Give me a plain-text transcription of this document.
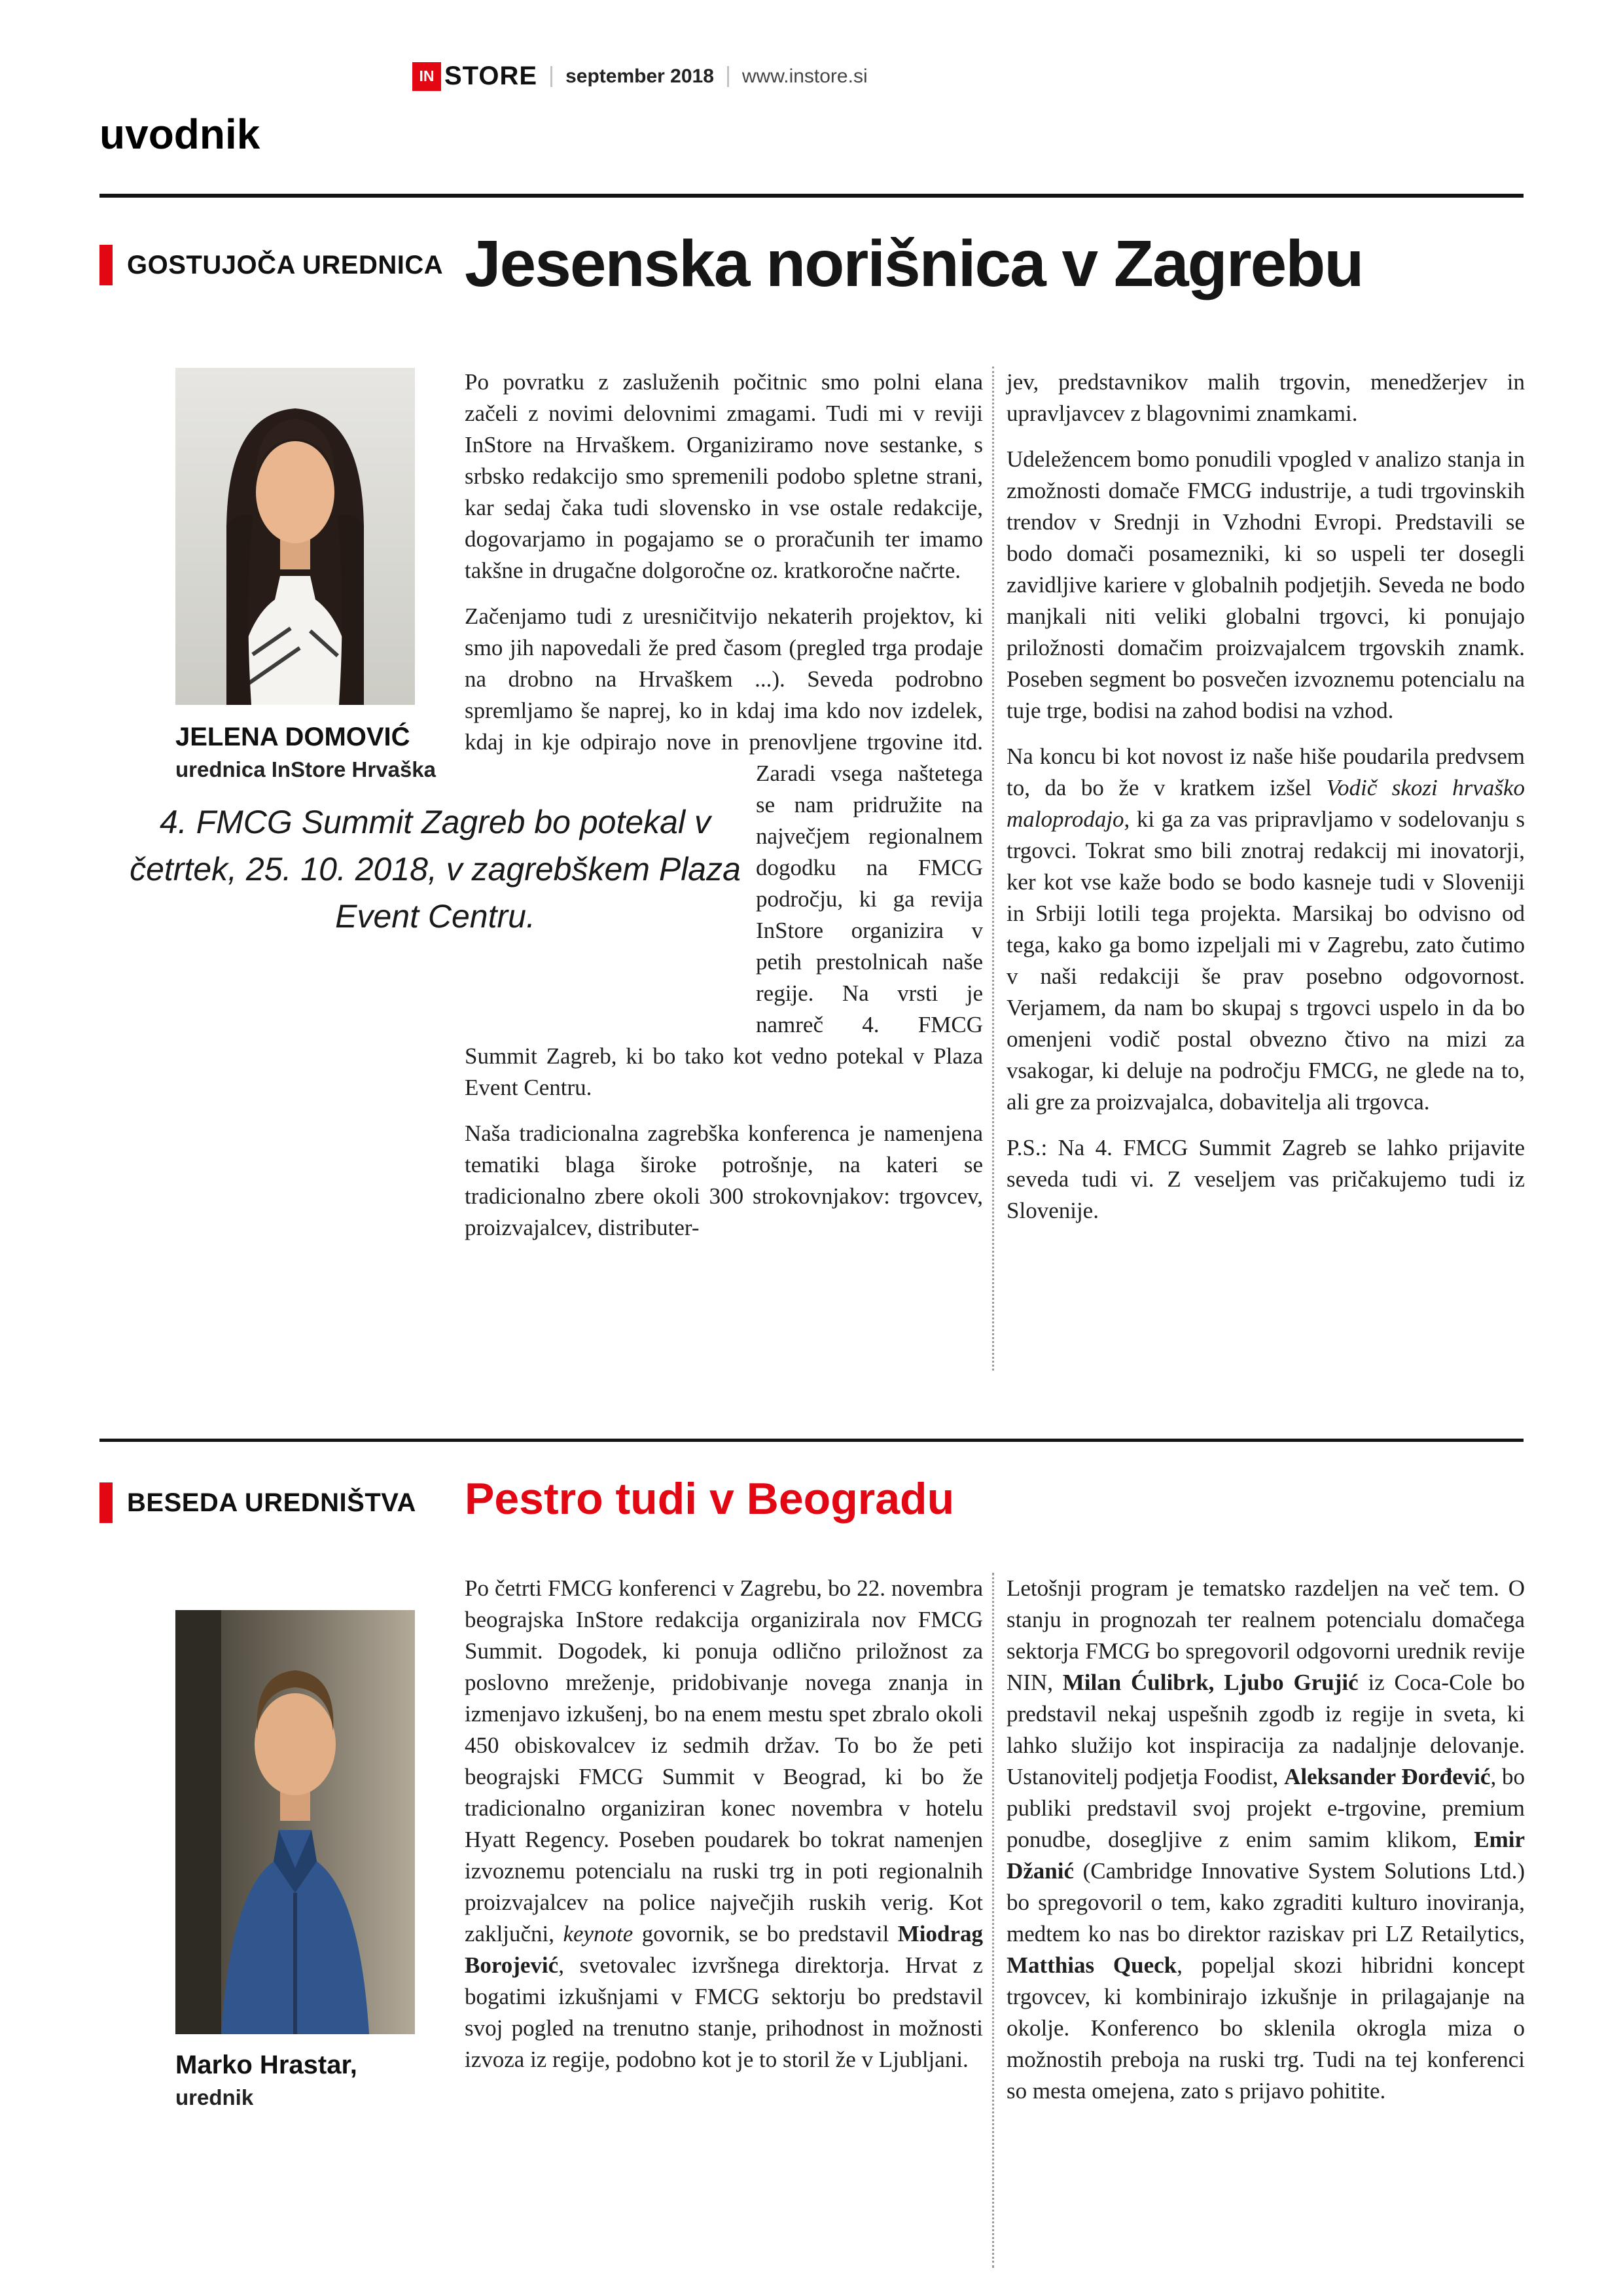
IN STORE september 2018 www.instore.si
uvodnik
GOSTUJOČA UREDNICA Jesenska norišnica v Zagrebu
JELENA DOMOVIĆ
urednica InStore Hrvaška

Po povratku z zasluženih počitnic smo polni elana začeli z novimi delovnimi zmagami. Tudi mi v reviji InStore na Hrvaškem. Organiziramo nove sestanke, s srbsko redakcijo smo spremenili podobo spletne strani, kar sedaj čaka tudi slovensko in vse ostale redakcije, dogovarjamo in pogajamo se o proračunih ter imamo takšne in drugačne dolgoročne oz. kratkoročne načrte.

Začenjamo tudi z uresničitvijo nekaterih projektov, ki smo jih napovedali že pred časom (pregled trga prodaje na drobno na Hrvaškem ...). Seveda podrobno spremljamo še naprej, ko in kdaj ima kdo nov izdelek, kdaj in kje odpirajo nove in prenovljene trgovine itd. Zaradi
4. FMCG Summit Zagreb bo potekal v četrtek, 25. 10. 2018, v zagrebškem Plaza Event Centru.
vsega naštetega se nam pridružite na največjem regionalnem dogodku na FMCG področju, ki ga revija InStore organizira v petih prestolnicah naše regije. Na vrsti je namreč 4. FMCG Summit Zagreb, ki bo tako kot vedno potekal v Plaza Event Centru.

Naša tradicionalna zagrebška konferenca je namenjena tematiki blaga široke potrošnje, na kateri se tradicionalno zbere okoli 300 strokovnjakov: trgovcev, proizvajalcev, distributer-

jev, predstavnikov malih trgovin, menedžerjev in upravljavcev z blagovnimi znamkami.

Udeležencem bomo ponudili vpogled v analizo stanja in zmožnosti domače FMCG industrije, a tudi trgovinskih trendov v Srednji in Vzhodni Evropi. Predstavili se bodo domači posamezniki, ki so uspeli ter dosegli zavidljive kariere v globalnih podjetjih. Seveda ne bodo manjkali niti veliki globalni trgovci, ki ponujajo priložnosti domačim proizvajalcem trgovskih znamk. Poseben segment bo posvečen izvoznemu potencialu na tuje trge, bodisi na zahod bodisi na vzhod.

Na koncu bi kot novost iz naše hiše poudarila predvsem to, da bo že v kratkem izšel Vodič skozi hrvaško maloprodajo, ki ga za vas pripravljamo v sodelovanju s trgovci. Tokrat smo bili znotraj redakcij mi inovatorji, ker kot vse kaže bodo se bodo kasneje tudi v Sloveniji in Srbiji lotili tega projekta. Marsikaj bo odvisno od tega, kako ga bomo izpeljali mi v Zagrebu, zato čutimo v naši redakciji še prav posebno odgovornost. Verjamem, da nam bo skupaj s trgovci uspelo in da bo omenjeni vodič postal obvezno čtivo na mizi za vsakogar, ki deluje na področju FMCG, ne glede na to, ali gre za proizvajalca, dobavitelja ali trgovca.

P.S.: Na 4. FMCG Summit Zagreb se lahko prijavite seveda tudi vi. Z veseljem vas pričakujemo tudi iz Slovenije.

BESEDA UREDNIŠTVA Pestro tudi v Beogradu
Marko Hrastar,
urednik

Po četrti FMCG konferenci v Zagrebu, bo 22. novembra beograjska InStore redakcija organizirala nov FMCG Summit. Dogodek, ki ponuja odlično priložnost za poslovno mreženje, pridobivanje novega znanja in izmenjavo izkušenj, bo na enem mestu spet zbralo okoli 450 obiskovalcev iz sedmih držav. To bo že peti beograjski FMCG Summit v Beograd, ki bo že tradicionalno organiziran konec novembra v hotelu Hyatt Regency. Poseben poudarek bo tokrat namenjen izvoznemu potencialu na ruski trg in poti regionalnih proizvajalcev na police največjih ruskih verig. Kot zaključni, keynote govornik, se bo predstavil Miodrag Borojević, svetovalec izvršnega direktorja. Hrvat z bogatimi izkušnjami v FMCG sektorju bo predstavil svoj pogled na trenutno stanje, prihodnost in možnosti izvoza iz regije, podobno kot je to storil že v Ljubljani.

Letošnji program je tematsko razdeljen na več tem. O stanju in prognozah ter realnem potencialu domačega sektorja FMCG bo spregovoril odgovorni urednik revije NIN, Milan Ćulibrk, Ljubo Grujić iz Coca-Cole bo predstavil nekaj uspešnih zgodb iz regije in sveta, ki lahko služijo kot inspiracija za nadaljnje delovanje. Ustanovitelj podjetja Foodist, Aleksander Đorđević, bo publiki predstavil svoj projekt e-trgovine, premium ponudbe, dosegljive z enim samim klikom, Emir Džanić (Cambridge Innovative System Solutions Ltd.) bo spregovoril o tem, kako zgraditi kulturo inoviranja, medtem ko nas bo direktor raziskav pri LZ Retailytics, Matthias Queck, popeljal skozi hibridni koncept trgovcev, ki kombinirajo izkušnje in prilagajanje na okolje. Konferenco bo sklenila okrogla miza o možnostih preboja na ruski trg. Tudi na tej konferenci so mesta omejena, zato s prijavo pohitite.
